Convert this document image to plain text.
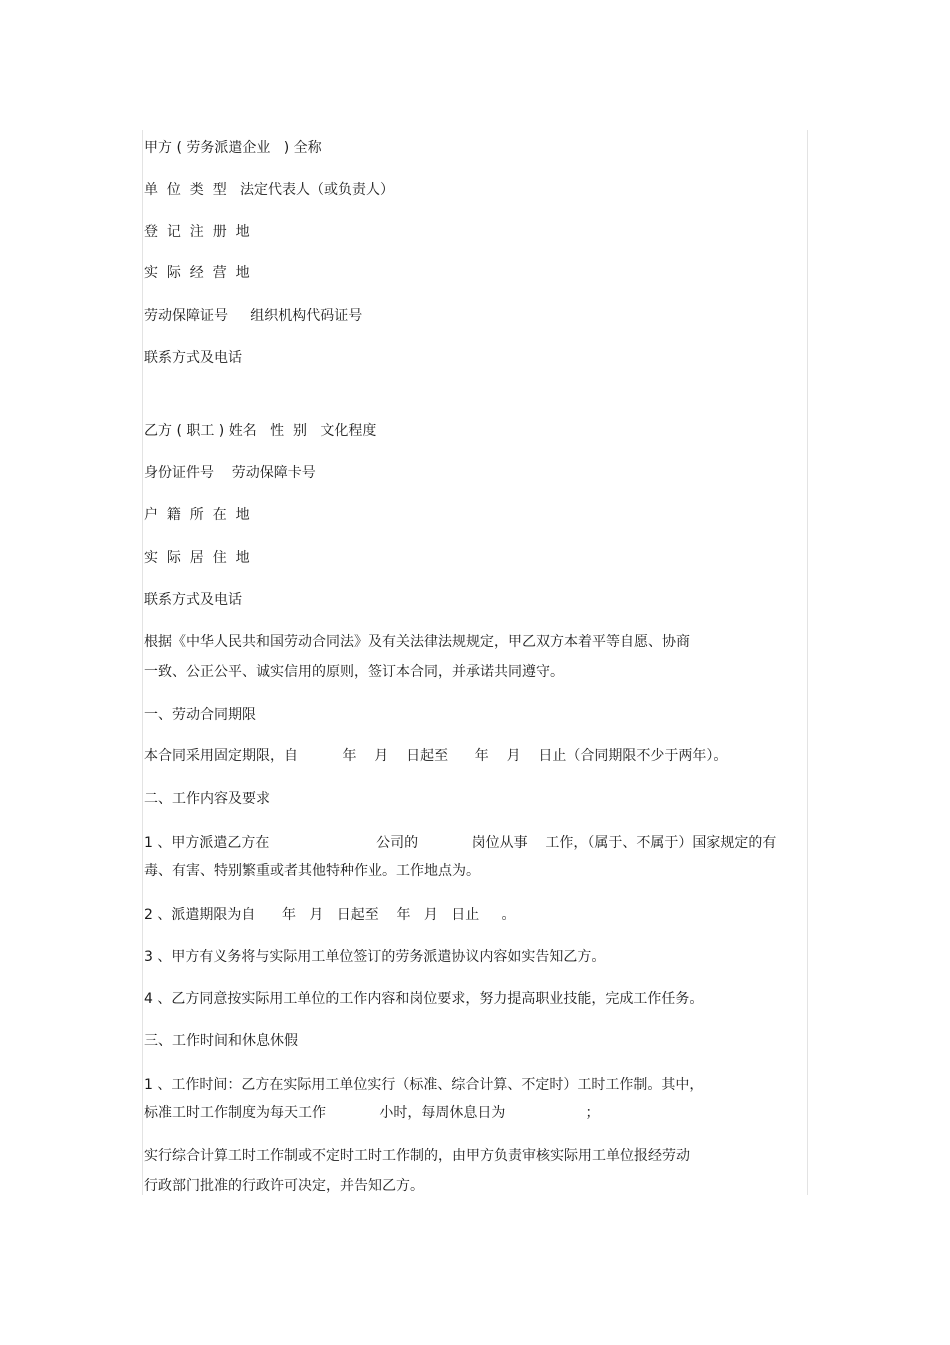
甲方 ( 劳务派遣企业   ) 全称
单  位  类  型   法定代表人（或负责人）
登  记  注  册  地
实  际  经  营  地
劳动保障证号     组织机构代码证号
联系方式及电话
乙方 ( 职工 ) 姓名   性  别   文化程度
身份证件号    劳动保障卡号
户  籍  所  在  地
实  际  居  住  地
联系方式及电话
根据《中华人民共和国劳动合同法》及有关法律法规规定，甲乙双方本着平等自愿、协商
一致、公正公平、诚实信用的原则，签订本合同，并承诺共同遵守。
一、劳动合同期限
本合同采用固定期限，自          年    月    日起至      年    月    日止（合同期限不少于两年）。
二、工作内容及要求
1 、甲方派遣乙方在                        公司的            岗位从事    工作，（属于、不属于）国家规定的有
毒、有害、特别繁重或者其他特种作业。工作地点为。
2 、派遣期限为自      年   月   日起至    年   月   日止     。
3 、甲方有义务将与实际用工单位签订的劳务派遣协议内容如实告知乙方。
4 、乙方同意按实际用工单位的工作内容和岗位要求，努力提高职业技能，完成工作任务。
三、工作时间和休息休假
1 、工作时间：乙方在实际用工单位实行（标准、综合计算、不定时）工时工作制。其中，
标准工时工作制度为每天工作            小时，每周休息日为                  ；
实行综合计算工时工作制或不定时工时工作制的，由甲方负责审核实际用工单位报经劳动
行政部门批准的行政许可决定，并告知乙方。
